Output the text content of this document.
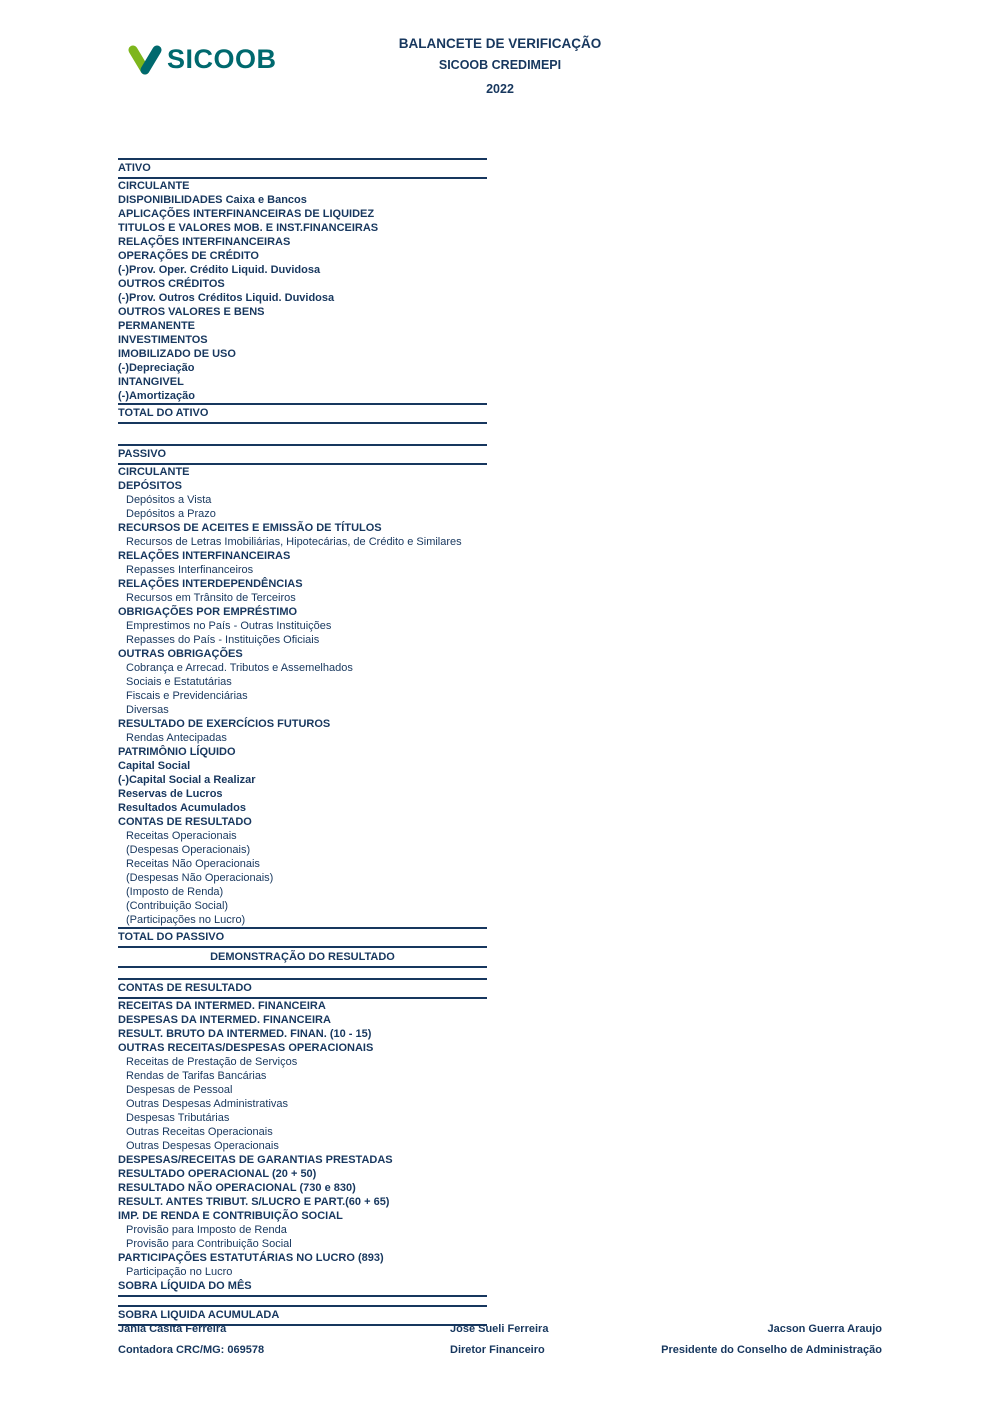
SICOOB
BALANCETE DE VERIFICAÇÃO
SICOOB CREDIMEPI
2022
ATIVO
CIRCULANTE
DISPONIBILIDADES Caixa e Bancos
APLICAÇÕES INTERFINANCEIRAS DE LIQUIDEZ
TITULOS E VALORES MOB. E INST.FINANCEIRAS
RELAÇÕES INTERFINANCEIRAS
OPERAÇÕES DE CRÉDITO
(-)Prov. Oper. Crédito Liquid. Duvidosa
OUTROS CRÉDITOS
(-)Prov. Outros Créditos Liquid. Duvidosa
OUTROS VALORES E BENS
PERMANENTE
INVESTIMENTOS
IMOBILIZADO DE USO
(-)Depreciação
INTANGIVEL
(-)Amortização
TOTAL DO ATIVO
PASSIVO
CIRCULANTE
DEPÓSITOS
Depósitos a Vista
Depósitos a Prazo
RECURSOS DE ACEITES E EMISSÃO DE TÍTULOS
Recursos de Letras Imobiliárias, Hipotecárias, de Crédito e Similares
RELAÇÕES INTERFINANCEIRAS
Repasses Interfinanceiros
RELAÇÕES INTERDEPENDÊNCIAS
Recursos em Trânsito de Terceiros
OBRIGAÇÕES POR EMPRÉSTIMO
Emprestimos no País - Outras Instituições
Repasses do País - Instituições Oficiais
OUTRAS OBRIGAÇÕES
Cobrança e Arrecad. Tributos e Assemelhados
Sociais e Estatutárias
Fiscais e Previdenciárias
Diversas
RESULTADO DE EXERCÍCIOS FUTUROS
Rendas Antecipadas
PATRIMÔNIO LÍQUIDO
Capital Social
(-)Capital Social a Realizar
Reservas de Lucros
Resultados Acumulados
CONTAS DE RESULTADO
Receitas Operacionais
(Despesas Operacionais)
Receitas Não Operacionais
(Despesas Não Operacionais)
(Imposto de Renda)
(Contribuição Social)
(Participações no Lucro)
TOTAL DO PASSIVO
DEMONSTRAÇÃO DO RESULTADO
CONTAS DE RESULTADO
RECEITAS DA INTERMED. FINANCEIRA
DESPESAS DA INTERMED. FINANCEIRA
RESULT. BRUTO DA INTERMED. FINAN. (10 - 15)
OUTRAS RECEITAS/DESPESAS OPERACIONAIS
Receitas de Prestação de Serviços
Rendas de Tarifas Bancárias
Despesas de Pessoal
Outras Despesas Administrativas
Despesas Tributárias
Outras Receitas Operacionais
Outras Despesas Operacionais
DESPESAS/RECEITAS DE GARANTIAS PRESTADAS
RESULTADO OPERACIONAL (20 + 50)
RESULTADO NÃO OPERACIONAL (730 e 830)
RESULT. ANTES TRIBUT. S/LUCRO E PART.(60 + 65)
IMP. DE RENDA E CONTRIBUIÇÃO SOCIAL
Provisão para Imposto de Renda
Provisão para Contribuição Social
PARTICIPAÇÕES ESTATUTÁRIAS NO LUCRO (893)
Participação no Lucro
SOBRA LÍQUIDA DO MÊS
SOBRA LIQUIDA ACUMULADA
Jania Casita Ferreira
Contadora CRC/MG: 069578
José Sueli Ferreira
Diretor Financeiro
Jacson Guerra Araujo
Presidente do Conselho de Administração
